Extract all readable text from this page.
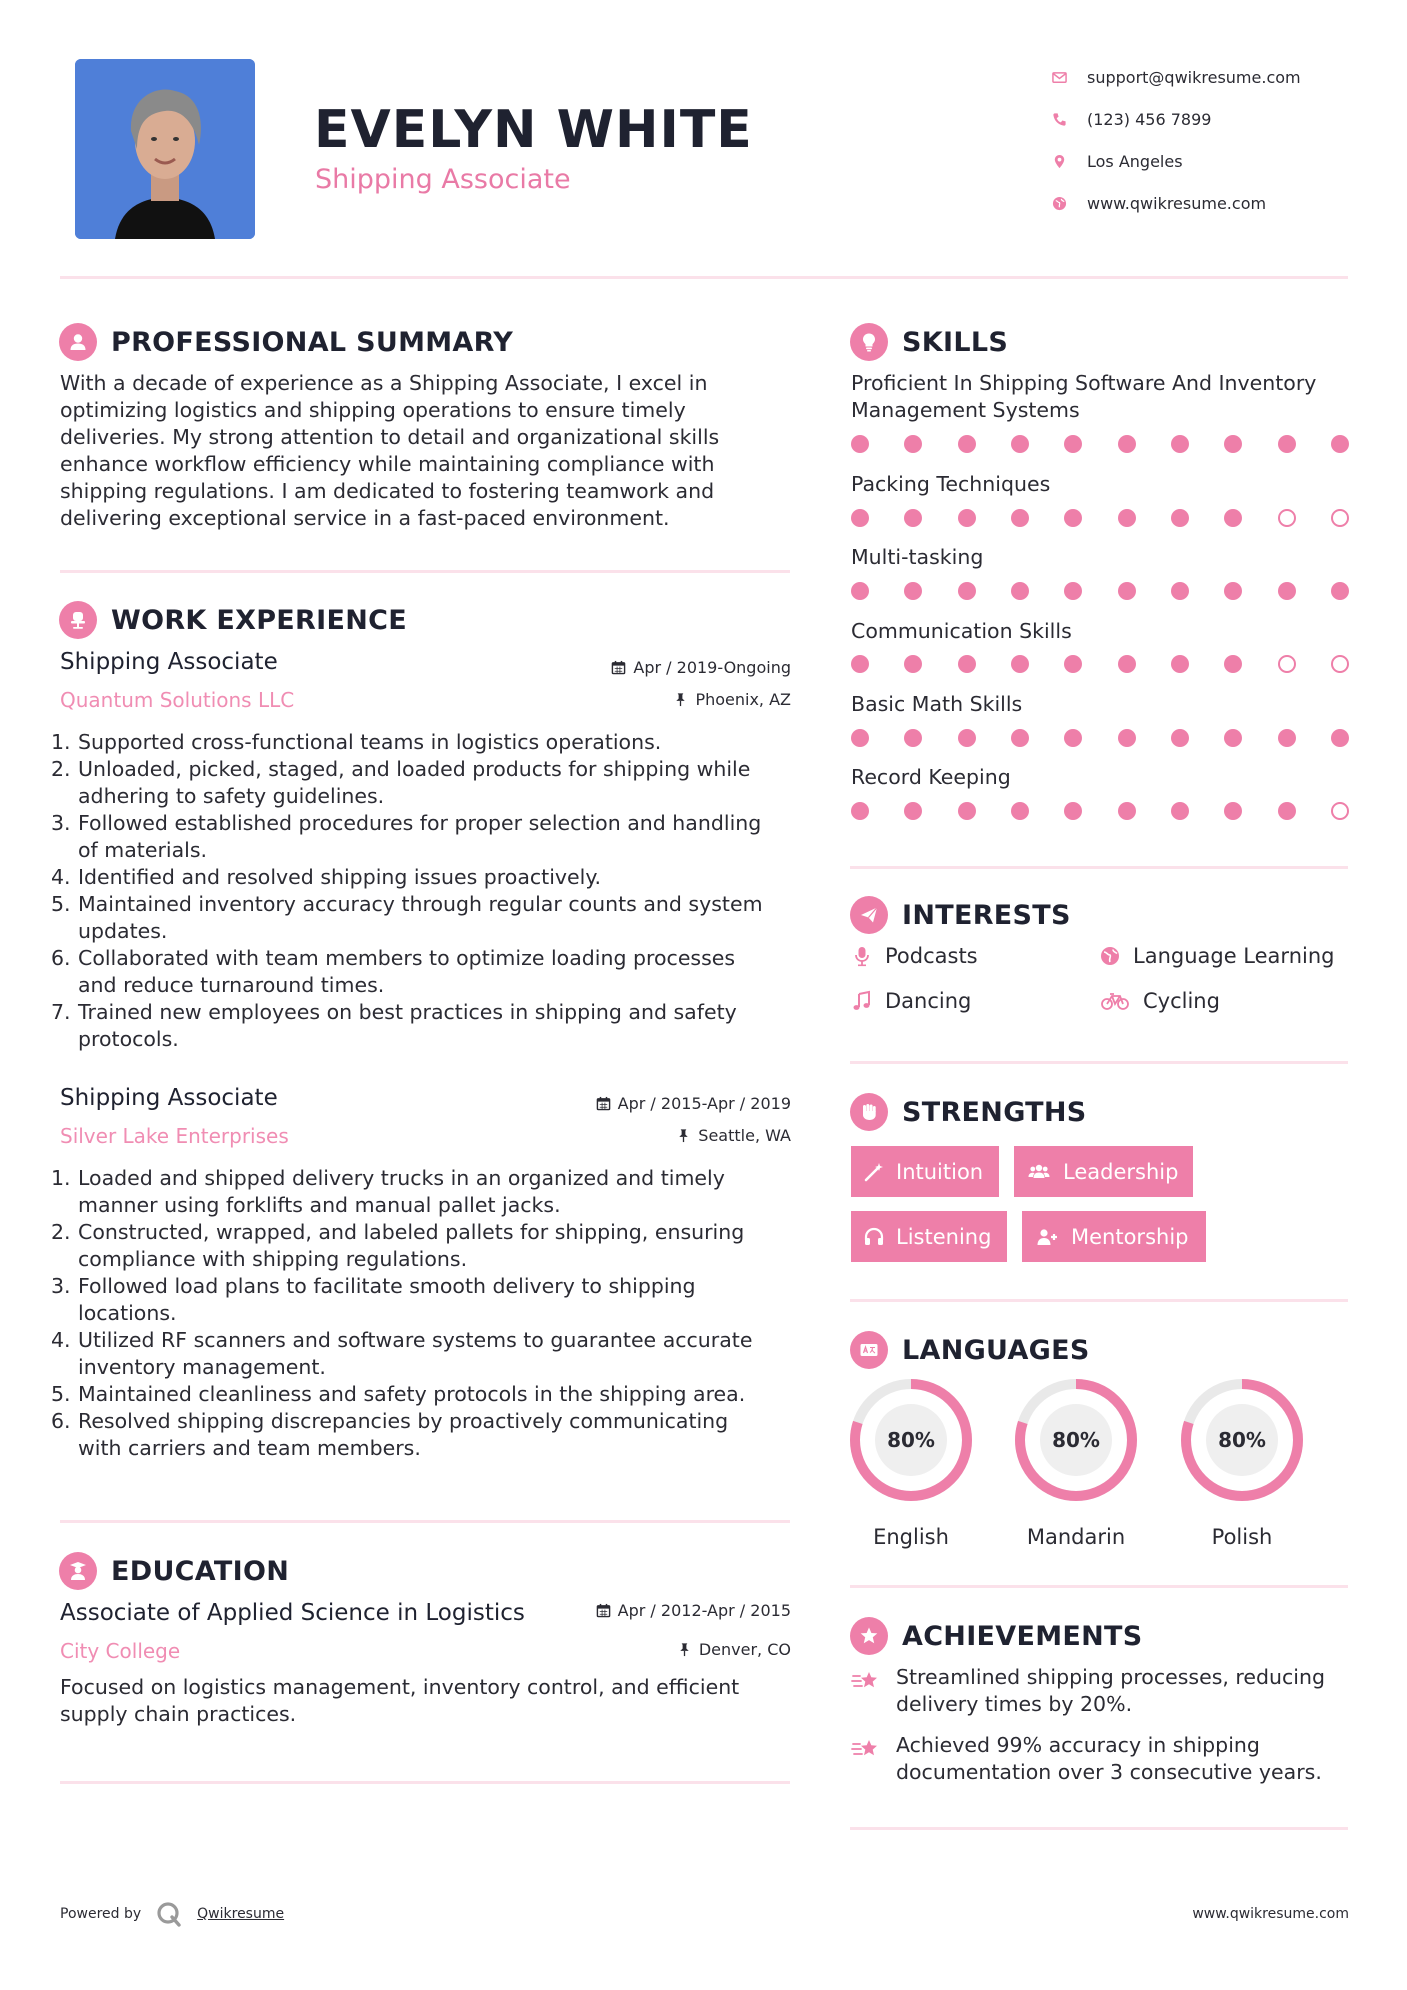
EVELYN WHITE
Shipping Associate
support@qwikresume.com
(123) 456 7899
Los Angeles
www.qwikresume.com
PROFESSIONAL SUMMARY
With a decade of experience as a Shipping Associate, I excel in
optimizing logistics and shipping operations to ensure timely
deliveries. My strong attention to detail and organizational skills
enhance workflow efficiency while maintaining compliance with
shipping regulations. I am dedicated to fostering teamwork and
delivering exceptional service in a fast-paced environment.
WORK EXPERIENCE
Shipping Associate
Quantum Solutions LLC
Apr / 2019-Ongoing
Phoenix, AZ
1. Supported cross-functional teams in logistics operations.
2. Unloaded, picked, staged, and loaded products for shipping while
adhering to safety guidelines.
3. Followed established procedures for proper selection and handling
of materials.
4. Identified and resolved shipping issues proactively.
5. Maintained inventory accuracy through regular counts and system
updates.
6. Collaborated with team members to optimize loading processes
and reduce turnaround times.
7. Trained new employees on best practices in shipping and safety
protocols.
Shipping Associate
Silver Lake Enterprises
Apr / 2015-Apr / 2019
Seattle, WA
1. Loaded and shipped delivery trucks in an organized and timely
manner using forklifts and manual pallet jacks.
2. Constructed, wrapped, and labeled pallets for shipping, ensuring
compliance with shipping regulations.
3. Followed load plans to facilitate smooth delivery to shipping
locations.
4. Utilized RF scanners and software systems to guarantee accurate
inventory management.
5. Maintained cleanliness and safety protocols in the shipping area.
6. Resolved shipping discrepancies by proactively communicating
with carriers and team members.
EDUCATION
Associate of Applied Science in Logistics
City College
Apr / 2012-Apr / 2015
Denver, CO
Focused on logistics management, inventory control, and efficient
supply chain practices.
SKILLS
Proficient In Shipping Software And Inventory
Management Systems
Packing Techniques
Multi-tasking
Communication Skills
Basic Math Skills
Record Keeping
INTERESTS
Podcasts	Language Learning
Dancing	Cycling
STRENGTHS
Intuition	Leadership
Listening	Mentorship
LANGUAGES
80%
English
80%
Mandarin
80%
Polish
ACHIEVEMENTS
Streamlined shipping processes, reducing
delivery times by 20%.
Achieved 99% accuracy in shipping
documentation over 3 consecutive years.
Powered by	Qwikresume	www.qwikresume.com
